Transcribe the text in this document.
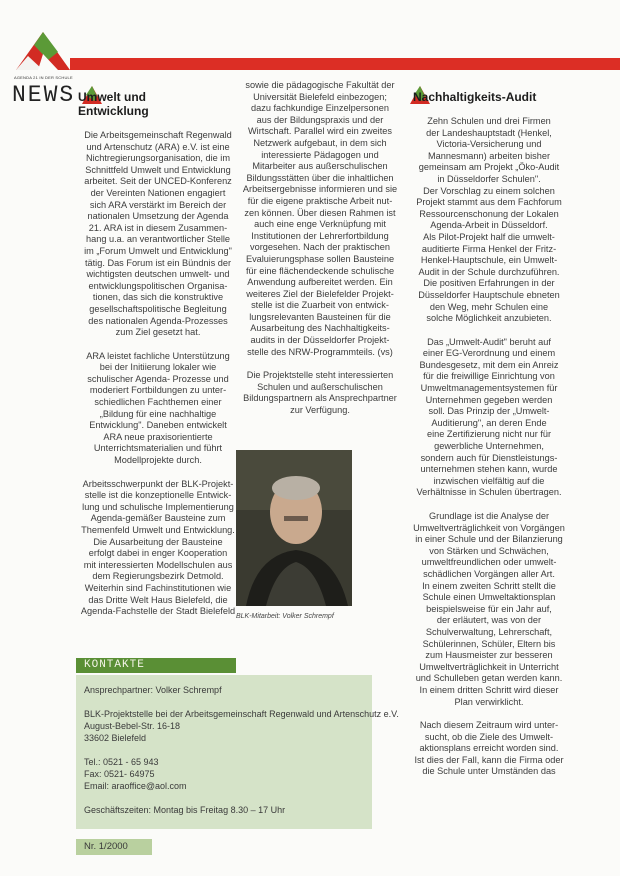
AGENDA 21 IN DER SCHULE
NEWS Umwelt und
Entwicklung

Die Arbeitsgemeinschaft Regenwald
und Artenschutz (ARA) e.V. ist eine
Nichtregierungsorganisation, die im
Schnittfeld Umwelt und Entwicklung
arbeitet. Seit der UNCED-Konferenz
der Vereinten Nationen engagiert
sich ARA verstärkt im Bereich der
nationalen Umsetzung der Agenda
21. ARA ist in diesem Zusammen-
hang u.a. an verantwortlicher Stelle
im „Forum Umwelt und Entwicklung"
tätig. Das Forum ist ein Bündnis der
wichtigsten deutschen umwelt- und
entwicklungspolitischen Organisa-
tionen, das sich die konstruktive
gesellschaftspolitische Begleitung
des nationalen Agenda-Prozesses
zum Ziel gesetzt hat.

ARA leistet fachliche Unterstützung
bei der Initiierung lokaler wie
schulischer Agenda- Prozesse und
moderiert Fortbildungen zu unter-
schiedlichen Fachthemen einer
„Bildung für eine nachhaltige
Entwicklung". Daneben entwickelt
ARA neue praxisorientierte
Unterrichtsmaterialien und führt
Modellprojekte durch.

Arbeitsschwerpunkt der BLK-Projekt-
stelle ist die konzeptionelle Entwick-
lung und schulische Implementierung
Agenda-gemäßer Bausteine zum
Themenfeld Umwelt und Entwicklung.
Die Ausarbeitung der Bausteine
erfolgt dabei in enger Kooperation
mit interessierten Modellschulen aus
dem Regierungsbezirk Detmold.
Weiterhin sind Fachinstitutionen wie
das Dritte Welt Haus Bielefeld, die
Agenda-Fachstelle der Stadt Bielefeld

sowie die pädagogische Fakultät der
Universität Bielefeld einbezogen;
dazu fachkundige Einzelpersonen
aus der Bildungspraxis und der
Wirtschaft. Parallel wird ein zweites
Netzwerk aufgebaut, in dem sich
interessierte Pädagogen und
Mitarbeiter aus außerschulischen
Bildungsstätten über die inhaltlichen
Arbeitsergebnisse informieren und sie
für die eigene praktische Arbeit nut-
zen können. Über diesen Rahmen ist
auch eine enge Verknüpfung mit
Institutionen der Lehrerfortbildung
vorgesehen. Nach der praktischen
Evaluierungsphase sollen Bausteine
für eine flächendeckende schulische
Anwendung aufbereitet werden. Ein
weiteres Ziel der Bielefelder Projekt-
stelle ist die Zuarbeit von entwick-
lungsrelevanten Bausteinen für die
Ausarbeitung des Nachhaltigkeits-
audits in der Düsseldorfer Projekt-
stelle des NRW-Programmteils. (vs)

Die Projektstelle steht interessierten
Schulen und außerschulischen
Bildungspartnern als Ansprechpartner
zur Verfügung.

BLK-Mitarbeit: Volker Schrempf
Nachhaltigkeits-Audit

Zehn Schulen und drei Firmen
der Landeshauptstadt (Henkel,
Victoria-Versicherung und
Mannesmann) arbeiten bisher
gemeinsam am Projekt „Öko-Audit
in Düsseldorfer Schulen".
Der Vorschlag zu einem solchen
Projekt stammt aus dem Fachforum
Ressourcenschonung der Lokalen
Agenda-Arbeit in Düsseldorf.
Als Pilot-Projekt half die umwelt-
auditierte Firma Henkel der Fritz-
Henkel-Hauptschule, ein Umwelt-
Audit in der Schule durchzuführen.
Die positiven Erfahrungen in der
Düsseldorfer Hauptschule ebneten
den Weg, mehr Schulen eine
solche Möglichkeit anzubieten.

Das „Umwelt-Audit" beruht auf
einer EG-Verordnung und einem
Bundesgesetz, mit dem ein Anreiz
für die freiwillige Einrichtung von
Umweltmanagementsystemen für
Unternehmen gegeben werden
soll. Das Prinzip der „Umwelt-
Auditierung", an deren Ende
eine Zertifizierung nicht nur für
gewerbliche Unternehmen,
sondern auch für Dienstleistungs-
unternehmen stehen kann, wurde
inzwischen vielfältig auf die
Verhältnisse in Schulen übertragen.

Grundlage ist die Analyse der
Umweltverträglichkeit von Vorgängen
in einer Schule und der Bilanzierung
von Stärken und Schwächen,
umweltfreundlichen oder umwelt-
schädlichen Vorgängen aller Art.
In einem zweiten Schritt stellt die
Schule einen Umweltaktionsplan
beispielsweise für ein Jahr auf,
der erläutert, was von der
Schulverwaltung, Lehrerschaft,
Schülerinnen, Schüler, Eltern bis
zum Hausmeister zur besseren
Umweltverträglichkeit in Unterricht
und Schulleben getan werden kann.
In einem dritten Schritt wird dieser
Plan verwirklicht.

Nach diesem Zeitraum wird unter-
sucht, ob die Ziele des Umwelt-
aktionsplans erreicht worden sind.
Ist dies der Fall, kann die Firma oder
die Schule unter Umständen das

KONTAKTE
Ansprechpartner: Volker Schrempf
BLK-Projektstelle bei der Arbeitsgemeinschaft Regenwald und Artenschutz e.V.
August-Bebel-Str. 16-18
33602 Bielefeld
Tel.: 0521 - 65 943
Fax: 0521- 64975
Email: araoffice@aol.com
Geschäftszeiten: Montag bis Freitag 8.30 – 17 Uhr
Nr. 1/2000
